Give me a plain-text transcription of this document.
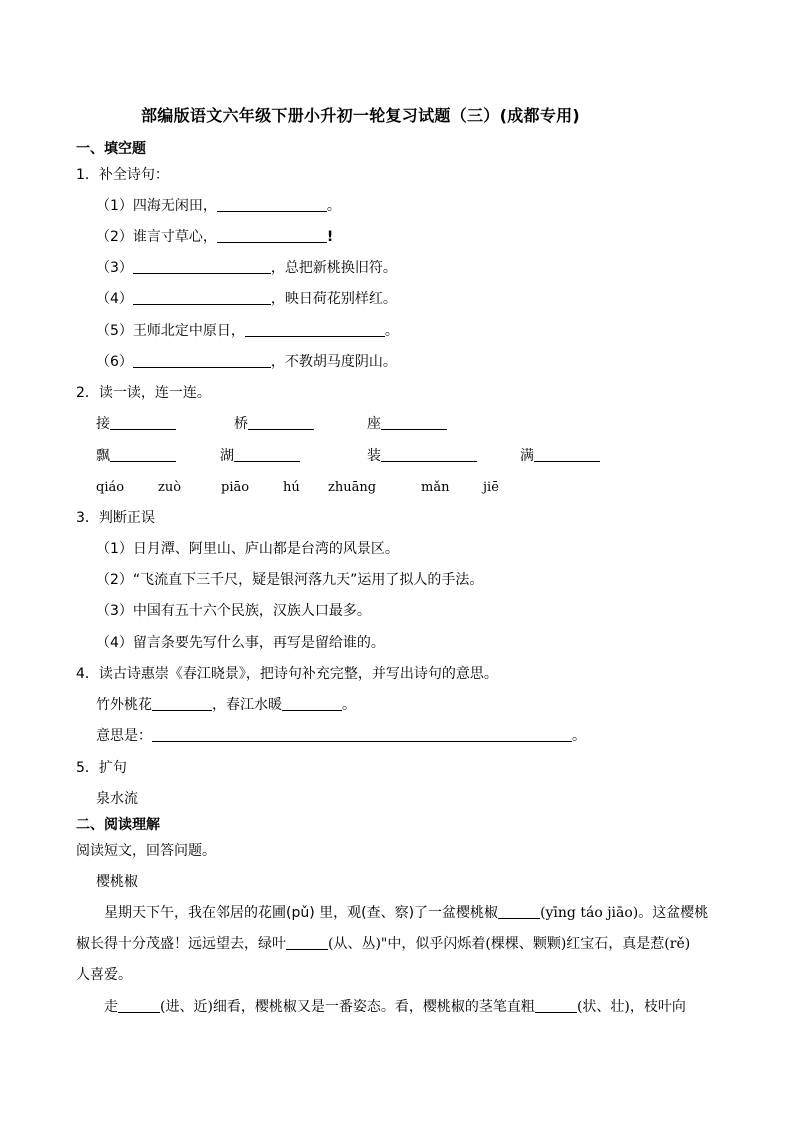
部编版语文六年级下册小升初一轮复习试题（三）(成都专用)
一、填空题
1．补全诗句：
（1）四海无闲田，	。
（2）谁言寸草心，	!
（3）	，总把新桃换旧符。
（4）	，映日荷花别样红。
（5）王师北定中原日，	。
（6）	，不教胡马度阴山。
2．读一读，连一连。
接	桥	座
飘	湖	装	满
qiáo	zuò	piāo	hú zhuāng	mǎn	jiē
3．判断正误
（1）日月潭、阿里山、庐山都是台湾的风景区。
（2）“飞流直下三千尺，疑是银河落九天”运用了拟人的手法。
（3）中国有五十六个民族，汉族人口最多。
（4）留言条要先写什么事，再写是留给谁的。
4．读古诗惠崇《春江晓景》，把诗句补充完整，并写出诗句的意思。
竹外桃花	，春江水暖	。
意思是：	。
5．扩句
泉水流
二、阅读理解
阅读短文，回答问题。
樱桃椒
星期天下午，我在邻居的花圃(pǔ) 里，观(查、察)了一盆樱桃椒	(yīng táo jiāo)。这盆樱桃
椒长得十分茂盛！远远望去，绿叶	(从、丛)"中，似乎闪烁着(棵棵、颗颗)红宝石，真是惹(rě)
人喜爱。
走	(进、近)细看，樱桃椒又是一番姿态。看，樱桃椒的茎笔直粗	(状、壮)，枝叶向
